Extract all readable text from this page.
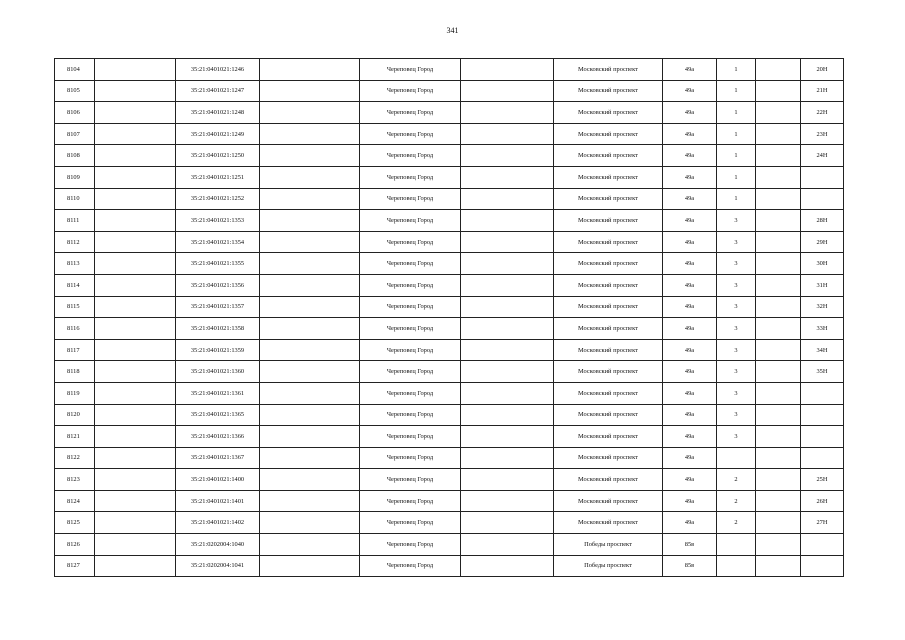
341
8104		35:21:0401021:1246		Череповец Город		Московский проспект	49а	1		20Н
8105		35:21:0401021:1247		Череповец Город		Московский проспект	49а	1		21Н
8106		35:21:0401021:1248		Череповец Город		Московский проспект	49а	1		22Н
8107		35:21:0401021:1249		Череповец Город		Московский проспект	49а	1		23Н
8108		35:21:0401021:1250		Череповец Город		Московский проспект	49а	1		24Н
8109		35:21:0401021:1251		Череповец Город		Московский проспект	49а	1		
8110		35:21:0401021:1252		Череповец Город		Московский проспект	49а	1		
8111		35:21:0401021:1353		Череповец Город		Московский проспект	49а	3		28Н
8112		35:21:0401021:1354		Череповец Город		Московский проспект	49а	3		29Н
8113		35:21:0401021:1355		Череповец Город		Московский проспект	49а	3		30Н
8114		35:21:0401021:1356		Череповец Город		Московский проспект	49а	3		31Н
8115		35:21:0401021:1357		Череповец Город		Московский проспект	49а	3		32Н
8116		35:21:0401021:1358		Череповец Город		Московский проспект	49а	3		33Н
8117		35:21:0401021:1359		Череповец Город		Московский проспект	49а	3		34Н
8118		35:21:0401021:1360		Череповец Город		Московский проспект	49а	3		35Н
8119		35:21:0401021:1361		Череповец Город		Московский проспект	49а	3		
8120		35:21:0401021:1365		Череповец Город		Московский проспект	49а	3		
8121		35:21:0401021:1366		Череповец Город		Московский проспект	49а	3		
8122		35:21:0401021:1367		Череповец Город		Московский проспект	49а			
8123		35:21:0401021:1400		Череповец Город		Московский проспект	49а	2		25Н
8124		35:21:0401021:1401		Череповец Город		Московский проспект	49а	2		26Н
8125		35:21:0401021:1402		Череповец Город		Московский проспект	49а	2		27Н
8126		35:21:0202004:1040		Череповец Город		Победы проспект	85в			
8127		35:21:0202004:1041		Череповец Город		Победы проспект	85в			
